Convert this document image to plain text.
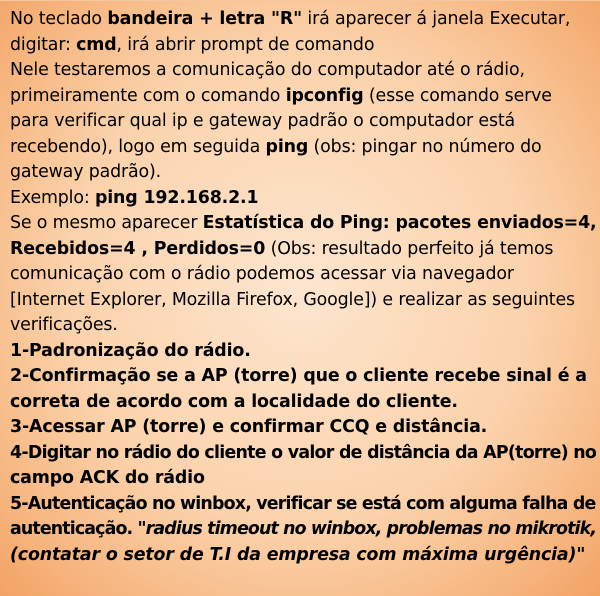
No teclado bandeira + letra "R" irá aparecer á janela Executar,
digitar: cmd, irá abrir prompt de comando
Nele testaremos a comunicação do computador até o rádio,
primeiramente com o comando ipconfig (esse comando serve
para verificar qual ip e gateway padrão o computador está
recebendo), logo em seguida ping (obs: pingar no número do
gateway padrão).
Exemplo: ping 192.168.2.1
Se o mesmo aparecer Estatística do Ping: pacotes enviados=4,
Recebidos=4 , Perdidos=0 (Obs: resultado perfeito já temos
comunicação com o rádio podemos acessar via navegador
[Internet Explorer, Mozilla Firefox, Google]) e realizar as seguintes
verificações.
1-Padronização do rádio.
2-Confirmação se a AP (torre) que o cliente recebe sinal é a
correta de acordo com a localidade do cliente.
3-Acessar AP (torre) e confirmar CCQ e distância.
4-Digitar no rádio do cliente o valor de distância da AP(torre) no
campo ACK do rádio
5-Autenticação no winbox, verificar se está com alguma falha de
autenticação. "radius timeout no winbox, problemas no mikrotik,
(contatar o setor de T.I da empresa com máxima urgência)"
